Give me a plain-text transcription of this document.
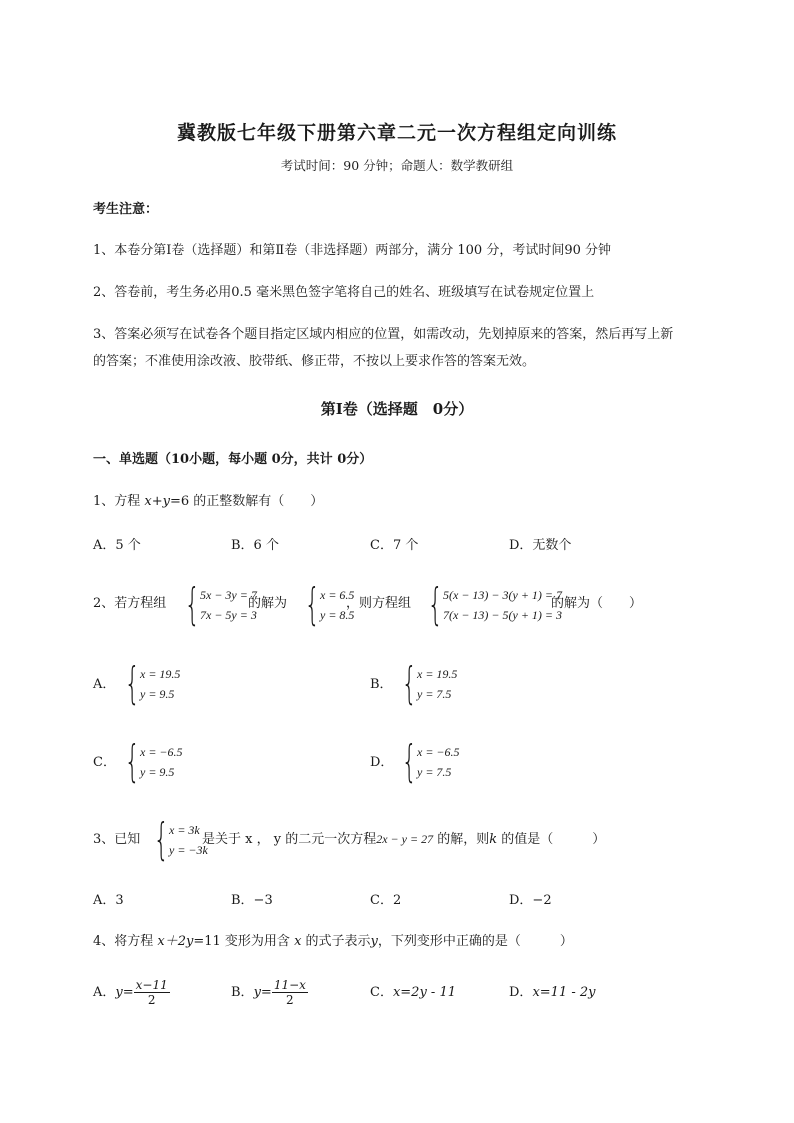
冀教版七年级下册第六章二元一次方程组定向训练
考试时间：90 分钟；命题人：数学教研组
考生注意：
1、本卷分第Ⅰ卷（选择题）和第Ⅱ卷（非选择题）两部分，满分 100 分，考试时间90 分钟
2、答卷前，考生务必用0.5 毫米黑色签字笔将自己的姓名、班级填写在试卷规定位置上
3、答案必须写在试卷各个题目指定区域内相应的位置，如需改动，先划掉原来的答案，然后再写上新
的答案；不准使用涂改液、胶带纸、修正带，不按以上要求作答的答案无效。
第Ⅰ卷（选择题　0分）
一、单选题（10小题，每小题 0分，共计 0分）
1、方程 x+y=6 的正整数解有（　　）
A．5 个	B．6 个	C．7 个	D．无数个
2、若方程组 { 5x − 3y = 7
7x − 5y = 3
的解为 { x = 6.5
y = 8.5
，则方程组 { 5(x − 13) − 3(y + 1) = 7
7(x − 13) − 5(y + 1) = 3
的解为（　　）
A． { x = 19.5
y = 9.5
B． { x = 19.5
y = 7.5
C． { x = −6.5
y = 9.5
D． { x = −6.5
y = 7.5
3、已知 { x = 3k
y = −3k
是关于 x ， y 的二元一次方程2x − y = 27 的解，则k 的值是（　　　）
A．3	B．−3	C．2	D．−2
4、将方程 x＋2y=11 变形为用含 x 的式子表示y，下列变形中正确的是（　　　）
A． $y= \frac{x-11}{2}$	B． $y= \frac{11-x}{2}$	C．x=2y - 11	D．x=11 - 2y
